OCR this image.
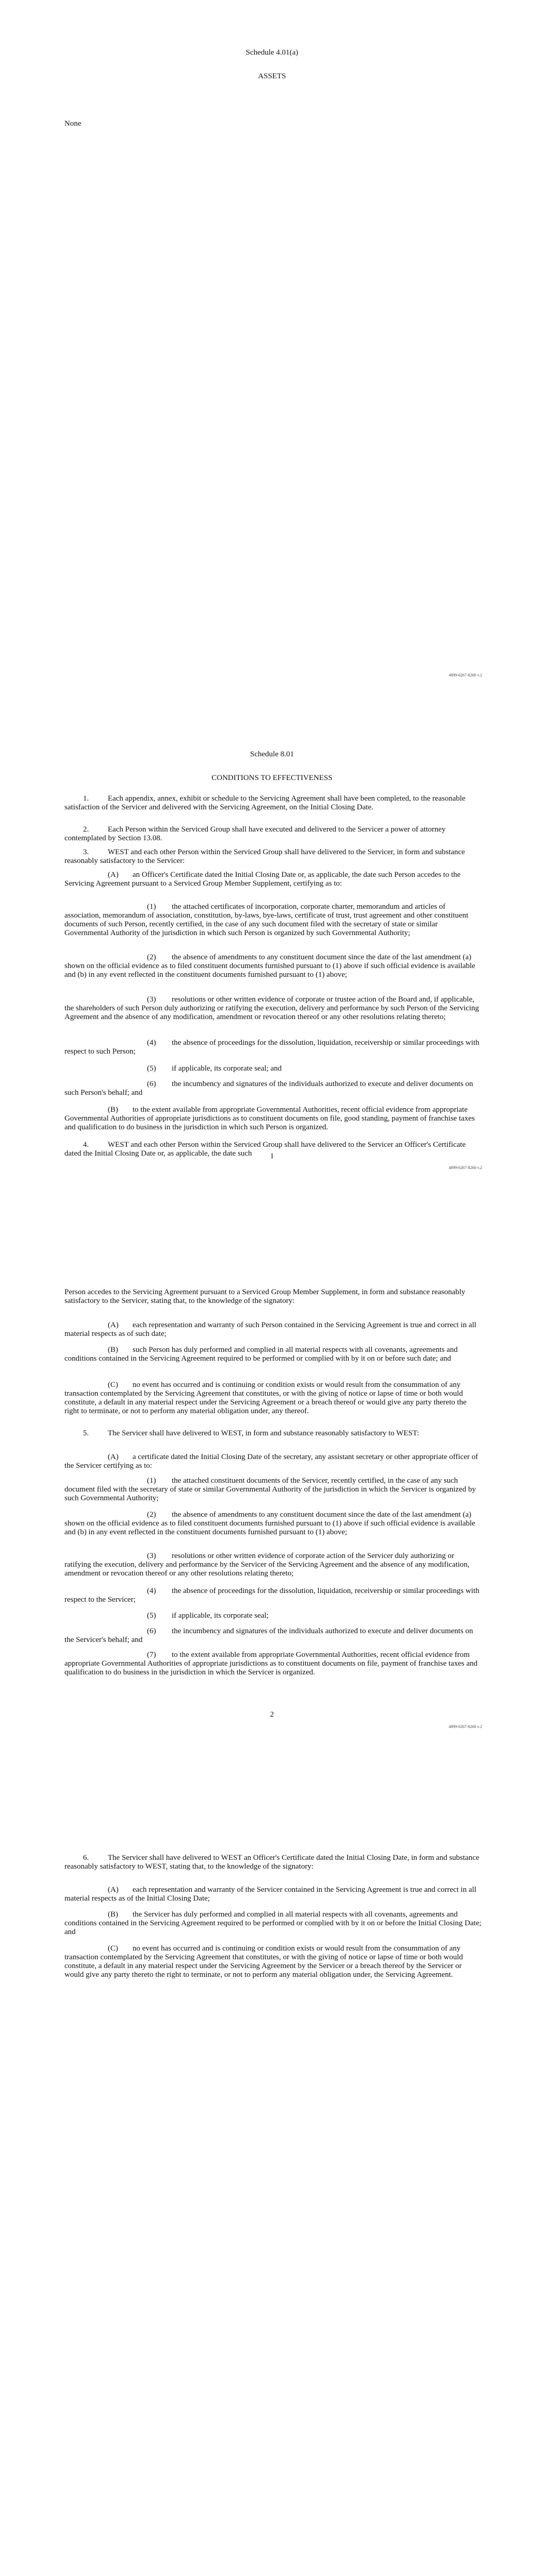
Schedule 4.01(a)

ASSETS

None

4899-6267-8260 v.2

Schedule 8.01

CONDITIONS TO EFFECTIVENESS

1. Each appendix, annex, exhibit or schedule to the Servicing Agreement shall have been completed, to the reasonable satisfaction of the Servicer and delivered with the Servicing Agreement, on the Initial Closing Date.

2. Each Person within the Serviced Group shall have executed and delivered to the Servicer a power of attorney contemplated by Section 13.08.

3. WEST and each other Person within the Serviced Group shall have delivered to the Servicer, in form and substance reasonably satisfactory to the Servicer:

(A) an Officer's Certificate dated the Initial Closing Date or, as applicable, the date such Person accedes to the Servicing Agreement pursuant to a Serviced Group Member Supplement, certifying as to:

(1) the attached certificates of incorporation, corporate charter, memorandum and articles of association, memorandum of association, constitution, by-laws, bye-laws, certificate of trust, trust agreement and other constituent documents of such Person, recently certified, in the case of any such document filed with the secretary of state or similar Governmental Authority of the jurisdiction in which such Person is organized by such Governmental Authority;

(2) the absence of amendments to any constituent document since the date of the last amendment (a) shown on the official evidence as to filed constituent documents furnished pursuant to (1) above if such official evidence is available and (b) in any event reflected in the constituent documents furnished pursuant to (1) above;

(3) resolutions or other written evidence of corporate or trustee action of the Board and, if applicable, the shareholders of such Person duly authorizing or ratifying the execution, delivery and performance by such Person of the Servicing Agreement and the absence of any modification, amendment or revocation thereof or any other resolutions relating thereto;

(4) the absence of proceedings for the dissolution, liquidation, receivership or similar proceedings with respect to such Person;

(5) if applicable, its corporate seal; and

(6) the incumbency and signatures of the individuals authorized to execute and deliver documents on such Person's behalf; and

(B) to the extent available from appropriate Governmental Authorities, recent official evidence from appropriate Governmental Authorities of appropriate jurisdictions as to constituent documents on file, good standing, payment of franchise taxes and qualification to do business in the jurisdiction in which such Person is organized.

4. WEST and each other Person within the Serviced Group shall have delivered to the Servicer an Officer's Certificate dated the Initial Closing Date or, as applicable, the date such	1
4899-6267-8260 v.2

Person accedes to the Servicing Agreement pursuant to a Serviced Group Member Supplement, in form and substance reasonably satisfactory to the Servicer, stating that, to the knowledge of the signatory:

(A) each representation and warranty of such Person contained in the Servicing Agreement is true and correct in all material respects as of such date;

(B) such Person has duly performed and complied in all material respects with all covenants, agreements and conditions contained in the Servicing Agreement required to be performed or complied with by it on or before such date; and

(C) no event has occurred and is continuing or condition exists or would result from the consummation of any transaction contemplated by the Servicing Agreement that constitutes, or with the giving of notice or lapse of time or both would constitute, a default in any material respect under the Servicing Agreement or a breach thereof or would give any party thereto the right to terminate, or not to perform any material obligation under, any thereof.

5. The Servicer shall have delivered to WEST, in form and substance reasonably satisfactory to WEST:

(A) a certificate dated the Initial Closing Date of the secretary, any assistant secretary or other appropriate officer of the Servicer certifying as to:

(1) the attached constituent documents of the Servicer, recently certified, in the case of any such document filed with the secretary of state or similar Governmental Authority of the jurisdiction in which the Servicer is organized by such Governmental Authority;

(2) the absence of amendments to any constituent document since the date of the last amendment (a) shown on the official evidence as to filed constituent documents furnished pursuant to (1) above if such official evidence is available and (b) in any event reflected in the constituent documents furnished pursuant to (1) above;

(3) resolutions or other written evidence of corporate action of the Servicer duly authorizing or ratifying the execution, delivery and performance by the Servicer of the Servicing Agreement and the absence of any modification, amendment or revocation thereof or any other resolutions relating thereto;

(4) the absence of proceedings for the dissolution, liquidation, receivership or similar proceedings with respect to the Servicer;

(5) if applicable, its corporate seal;

(6) the incumbency and signatures of the individuals authorized to execute and deliver documents on the Servicer's behalf; and

(7) to the extent available from appropriate Governmental Authorities, recent official evidence from appropriate Governmental Authorities of appropriate jurisdictions as to constituent documents on file, payment of franchise taxes and qualification to do business in the jurisdiction in which the Servicer is organized.

2
4899-6267-8260 v.2

6. The Servicer shall have delivered to WEST an Officer's Certificate dated the Initial Closing Date, in form and substance reasonably satisfactory to WEST, stating that, to the knowledge of the signatory:

(A) each representation and warranty of the Servicer contained in the Servicing Agreement is true and correct in all material respects as of the Initial Closing Date;

(B) the Servicer has duly performed and complied in all material respects with all covenants, agreements and conditions contained in the Servicing Agreement required to be performed or complied with by it on or before the Initial Closing Date; and

(C) no event has occurred and is continuing or condition exists or would result from the consummation of any transaction contemplated by the Servicing Agreement that constitutes, or with the giving of notice or lapse of time or both would constitute, a default in any material respect under the Servicing Agreement by the Servicer or a breach thereof by the Servicer or would give any party thereto the right to terminate, or not to perform any material obligation under, the Servicing Agreement.
